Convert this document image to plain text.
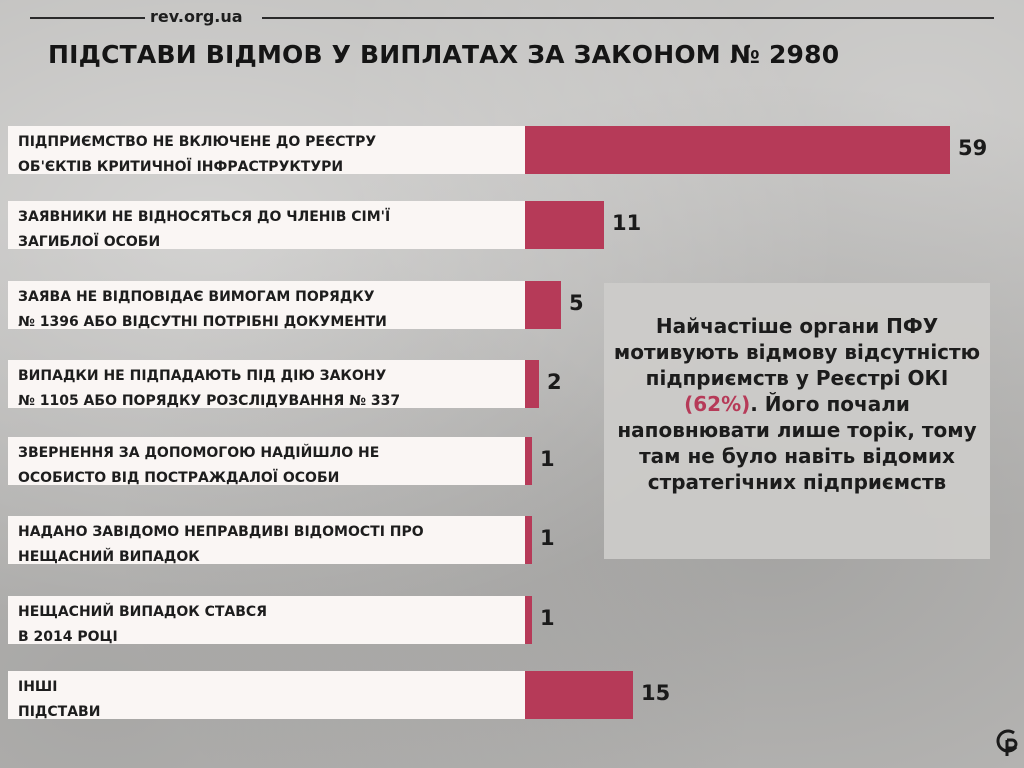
rev.org.ua
ПІДСТАВИ ВІДМОВ У ВИПЛАТАХ ЗА ЗАКОНОМ № 2980
ПІДПРИЄМСТВО НЕ ВКЛЮЧЕНЕ ДО РЕЄСТРУ
ОБ'ЄКТІВ КРИТИЧНОЇ ІНФРАСТРУКТУРИ
59
ЗАЯВНИКИ НЕ ВІДНОСЯТЬСЯ ДО ЧЛЕНІВ СІМ'Ї
ЗАГИБЛОЇ ОСОБИ
11
ЗАЯВА НЕ ВІДПОВІДАЄ ВИМОГАМ ПОРЯДКУ
№ 1396 АБО ВІДСУТНІ ПОТРІБНІ ДОКУМЕНТИ
5
ВИПАДКИ НЕ ПІДПАДАЮТЬ ПІД ДІЮ ЗАКОНУ
№ 1105 АБО ПОРЯДКУ РОЗСЛІДУВАННЯ № 337
2
ЗВЕРНЕННЯ ЗА ДОПОМОГОЮ НАДІЙШЛО НЕ
ОСОБИСТО ВІД ПОСТРАЖДАЛОЇ ОСОБИ
1
НАДАНО ЗАВІДОМО НЕПРАВДИВІ ВІДОМОСТІ ПРО
НЕЩАСНИЙ ВИПАДОК
1
НЕЩАСНИЙ ВИПАДОК СТАВСЯ
В 2014 РОЦІ
1
ІНШІ
ПІДСТАВИ
15
Найчастіше органи ПФУ мотивують відмову відсутністю підприємств у Реєстрі ОКІ (62%). Його почали наповнювати лише торік, тому там не було навіть відомих стратегічних підприємств
